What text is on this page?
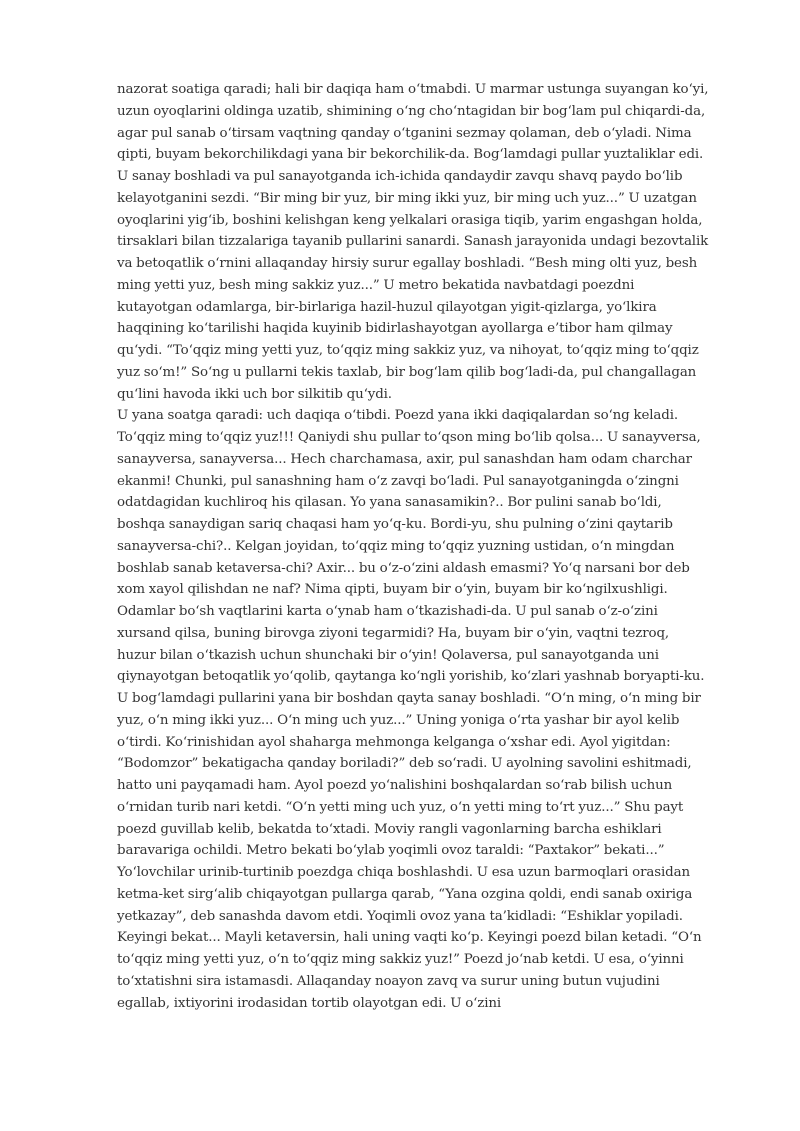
nazorat soatiga qaradi; hali bir daqiqa ham oʻtmabdi. U marmar ustunga suyangan koʻyi, uzun oyoqlarini oldinga uzatib, shimining oʻng choʻntagidan bir bogʻlam pul chiqardi-da, agar pul sanab oʻtirsam vaqtning qanday oʻtganini sezmay qolaman, deb oʻyladi. Nima qipti, buyam bekorchilikdagi yana bir bekorchilik-da. Bogʻlamdagi pullar yuztaliklar edi. U sanay boshladi va pul sanayotganda ich-ichida qandaydir zavqu shavq paydo boʻlib kelayotganini sezdi. “Bir ming bir yuz, bir ming ikki yuz, bir ming uch yuz...” U uzatgan oyoqlarini yigʻib, boshini kelishgan keng yelkalari orasiga tiqib, yarim engashgan holda, tirsaklari bilan tizzalariga tayanib pullarini sanardi. Sanash jarayonida undagi bezovtalik va betoqatlik oʻrnini allaqanday hirsiy surur egallay boshladi. “Besh ming olti yuz, besh ming yetti yuz, besh ming sakkiz yuz...” U metro bekatida navbatdagi poezdni kutayotgan odamlarga, bir-birlariga hazil-huzul qilayotgan yigit-qizlarga, yoʻlkira haqqining koʻtarilishi haqida kuyinib bidirlashayotgan ayollarga e’tibor ham qilmay quʻydi. “Toʻqqiz ming yetti yuz, toʻqqiz ming sakkiz yuz, va nihoyat, toʻqqiz ming toʻqqiz yuz soʻm!” Soʻng u pullarni tekis taxlab, bir bogʻlam qilib bogʻladi-da, pul changallagan quʻlini havoda ikki uch bor silkitib quʻydi.

U yana soatga qaradi: uch daqiqa oʻtibdi. Poezd yana ikki daqiqalardan soʻng keladi. Toʻqqiz ming toʻqqiz yuz!!! Qaniydi shu pullar toʻqson ming boʻlib qolsa... U sanayversa, sanayversa, sanayversa... Hech charchamasa, axir, pul sanashdan ham odam charchar ekanmi! Chunki, pul sanashning ham oʻz zavqi boʻladi. Pul sanayotganingda oʻzingni odatdagidan kuchliroq his qilasan. Yo yana sanasamikin?.. Bor pulini sanab boʻldi, boshqa sanaydigan sariq chaqasi ham yoʻq-ku. Bordi-yu, shu pulning oʻzini qaytarib sanayversa-chi?.. Kelgan joyidan, toʻqqiz ming toʻqqiz yuzning ustidan, oʻn mingdan boshlab sanab ketaversa-chi? Axir... bu oʻz-oʻzini aldash emasmi? Yoʻq narsani bor deb xom xayol qilishdan ne naf? Nima qipti, buyam bir oʻyin, buyam bir koʻngilxushligi. Odamlar boʻsh vaqtlarini karta oʻynab ham oʻtkazishadi-da. U pul sanab oʻz-oʻzini xursand qilsa, buning birovga ziyoni tegarmidi? Ha, buyam bir oʻyin, vaqtni tezroq, huzur bilan oʻtkazish uchun shunchaki bir oʻyin! Qolaversa, pul sanayotganda uni qiynayotgan betoqatlik yoʻqolib, qaytanga koʻngli yorishib, koʻzlari yashnab boryapti-ku.

U bogʻlamdagi pullarini yana bir boshdan qayta sanay boshladi. “Oʻn ming, oʻn ming bir yuz, oʻn ming ikki yuz... Oʻn ming uch yuz...” Uning yoniga oʻrta yashar bir ayol kelib oʻtirdi. Koʻrinishidan ayol shaharga mehmonga kelganga oʻxshar edi. Ayol yigitdan: “Bodomzor” bekatigacha qanday boriladi?” deb soʻradi. U ayolning savolini eshitmadi, hatto uni payqamadi ham. Ayol poezd yoʻnalishini boshqalardan soʻrab bilish uchun oʻrnidan turib nari ketdi. “Oʻn yetti ming uch yuz, oʻn yetti ming toʻrt yuz...” Shu payt poezd guvillab kelib, bekatda toʻxtadi. Moviy rangli vagonlarning barcha eshiklari baravariga ochildi. Metro bekati boʻylab yoqimli ovoz taraldi: “Paxtakor” bekati...” Yoʻlovchilar urinib-turtinib poezdga chiqa boshlashdi. U esa uzun barmoqlari orasidan ketma-ket sirgʻalib chiqayotgan pullarga qarab, “Yana ozgina qoldi, endi sanab oxiriga yetkazay”, deb sanashda davom etdi. Yoqimli ovoz yana ta’kidladi: “Eshiklar yopiladi. Keyingi bekat... Mayli ketaversin, hali uning vaqti koʻp. Keyingi poezd bilan ketadi. “Oʻn toʻqqiz ming yetti yuz, oʻn toʻqqiz ming sakkiz yuz!” Poezd joʻnab ketdi. U esa, oʻyinni toʻxtatishni sira istamasdi. Allaqanday noayon zavq va surur uning butun vujudini egallab, ixtiyorini irodasidan tortib olayotgan edi. U oʻzini
